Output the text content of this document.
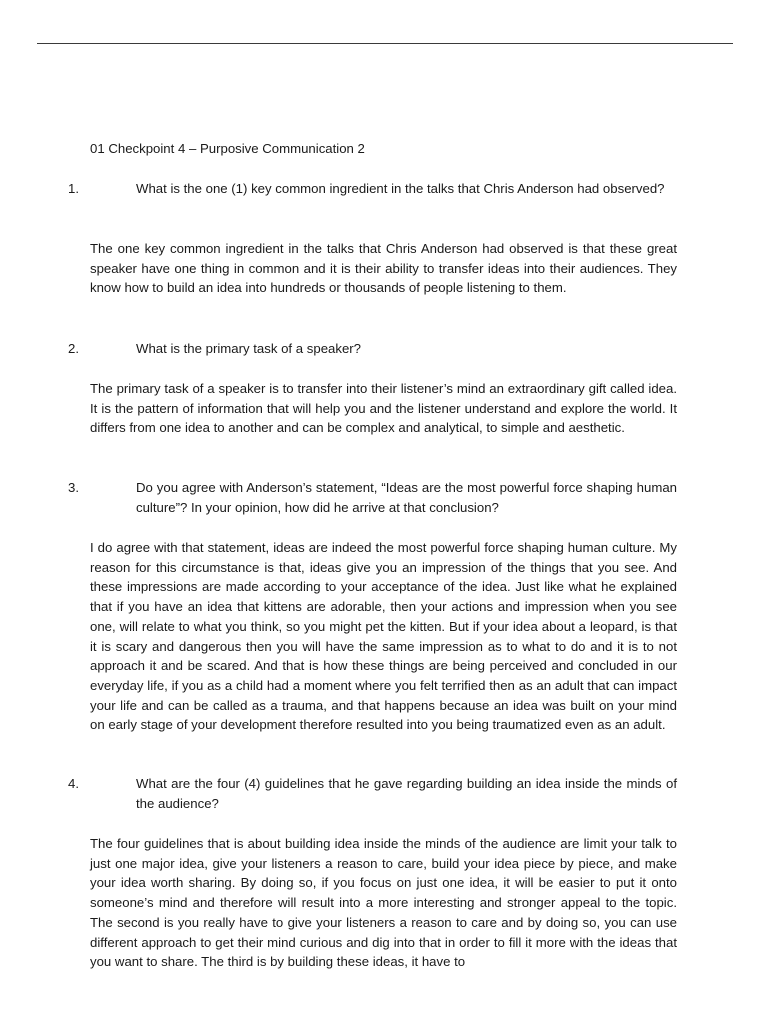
01 Checkpoint 4 – Purposive Communication 2
1.	What is the one (1) key common ingredient in the talks that Chris Anderson had observed?

The one key common ingredient in the talks that Chris Anderson had observed is that these great speaker have one thing in common and it is their ability to transfer ideas into their audiences. They know how to build an idea into hundreds or thousands of people listening to them.

2.	What is the primary task of a speaker?

The primary task of a speaker is to transfer into their listener’s mind an extraordinary gift called idea. It is the pattern of information that will help you and the listener understand and explore the world. It differs from one idea to another and can be complex and analytical, to simple and aesthetic.

3.	Do you agree with Anderson’s statement, “Ideas are the most powerful force shaping human culture”? In your opinion, how did he arrive at that conclusion?

I do agree with that statement, ideas are indeed the most powerful force shaping human culture. My reason for this circumstance is that, ideas give you an impression of the things that you see. And these impressions are made according to your acceptance of the idea. Just like what he explained that if you have an idea that kittens are adorable, then your actions and impression when you see one, will relate to what you think, so you might pet the kitten. But if your idea about a leopard, is that it is scary and dangerous then you will have the same impression as to what to do and it is to not approach it and be scared. And that is how these things are being perceived and concluded in our everyday life, if you as a child had a moment where you felt terrified then as an adult that can impact your life and can be called as a trauma, and that happens because an idea was built on your mind on early stage of your development therefore resulted into you being traumatized even as an adult.

4.	What are the four (4) guidelines that he gave regarding building an idea inside the minds of the audience?

The four guidelines that is about building idea inside the minds of the audience are limit your talk to just one major idea, give your listeners a reason to care, build your idea piece by piece, and make your idea worth sharing. By doing so, if you focus on just one idea, it will be easier to put it onto someone’s mind and therefore will result into a more interesting and stronger appeal to the topic. The second is you really have to give your listeners a reason to care and by doing so, you can use different approach to get their mind curious and dig into that in order to fill it more with the ideas that you want to share. The third is by building these ideas, it have to
